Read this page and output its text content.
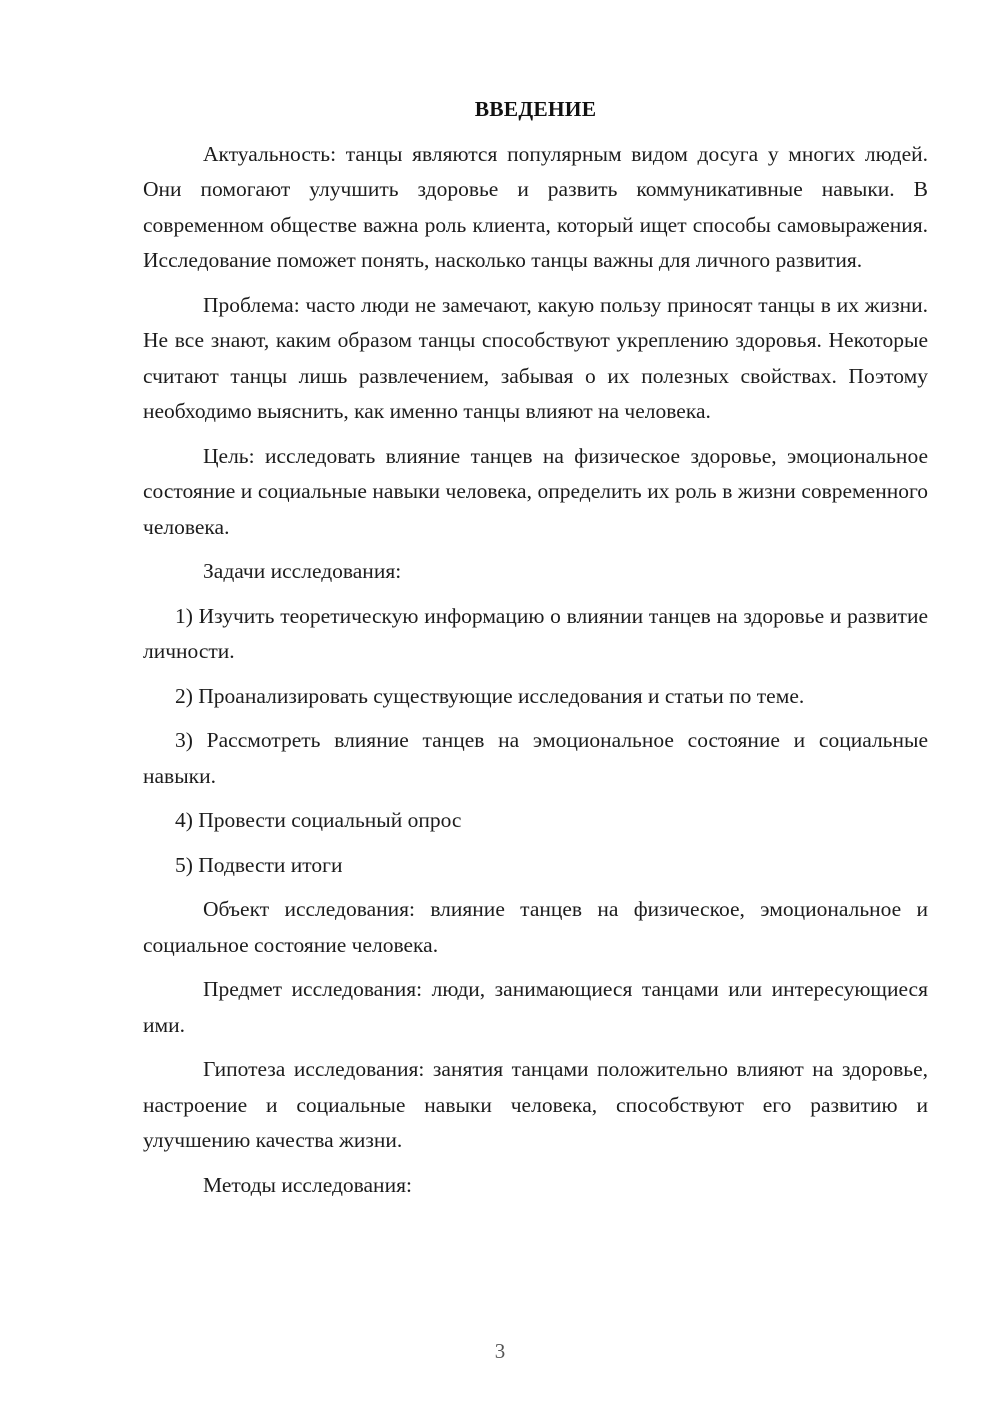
ВВЕДЕНИЕ

Актуальность: танцы являются популярным видом досуга у многих людей. Они помогают улучшить здоровье и развить коммуникативные навыки. В современном обществе важна роль клиента, который ищет способы самовыражения. Исследование поможет понять, насколько танцы важны для личного развития.

Проблема: часто люди не замечают, какую пользу приносят танцы в их жизни. Не все знают, каким образом танцы способствуют укреплению здоровья. Некоторые считают танцы лишь развлечением, забывая о их полезных свойствах. Поэтому необходимо выяснить, как именно танцы влияют на человека.

Цель: исследовать влияние танцев на физическое здоровье, эмоциональное состояние и социальные навыки человека, определить их роль в жизни современного человека.

Задачи исследования:

1) Изучить теоретическую информацию о влиянии танцев на здоровье и развитие личности.

2) Проанализировать существующие исследования и статьи по теме.

3) Рассмотреть влияние танцев на эмоциональное состояние и социальные навыки.

4) Провести социальный опрос

5) Подвести итоги

Объект исследования: влияние танцев на физическое, эмоциональное и социальное состояние человека.

Предмет исследования: люди, занимающиеся танцами или интересующиеся ими.

Гипотеза исследования: занятия танцами положительно влияют на здоровье, настроение и социальные навыки человека, способствуют его развитию и улучшению качества жизни.

Методы исследования:

3
